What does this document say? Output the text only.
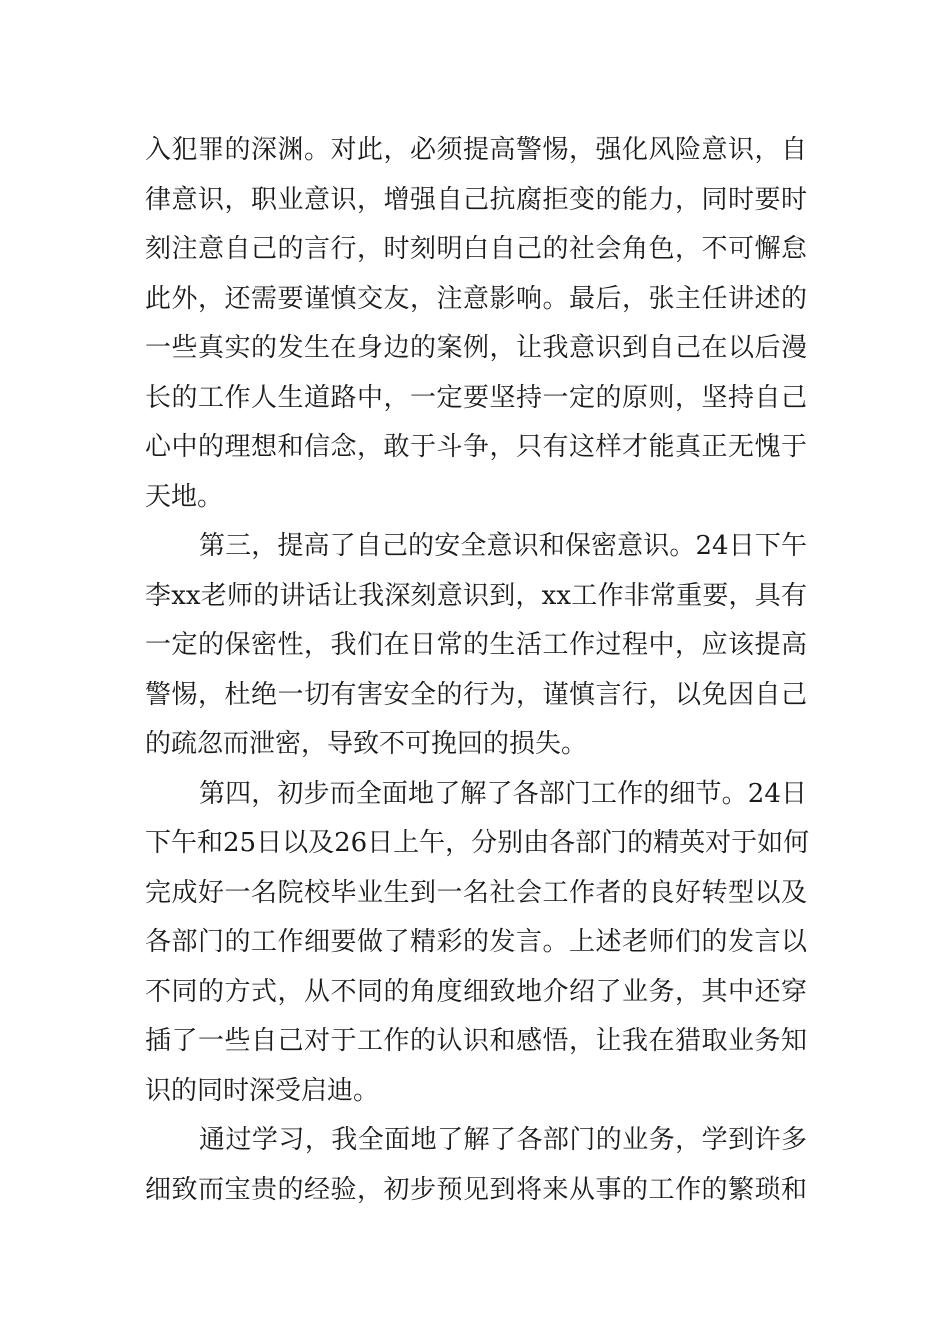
入犯罪的深渊。对此，必须提高警惕，强化风险意识，自
律意识，职业意识，增强自己抗腐拒变的能力，同时要时
刻注意自己的言行，时刻明白自己的社会角色，不可懈怠
此外，还需要谨慎交友，注意影响。最后，张主任讲述的
一些真实的发生在身边的案例，让我意识到自己在以后漫
长的工作人生道路中，一定要坚持一定的原则，坚持自己
心中的理想和信念，敢于斗争，只有这样才能真正无愧于
天地。
第三，提高了自己的安全意识和保密意识。24日下午
李xx老师的讲话让我深刻意识到，xx工作非常重要，具有
一定的保密性，我们在日常的生活工作过程中，应该提高
警惕，杜绝一切有害安全的行为，谨慎言行，以免因自己
的疏忽而泄密，导致不可挽回的损失。
第四，初步而全面地了解了各部门工作的细节。24日
下午和25日以及26日上午，分别由各部门的精英对于如何
完成好一名院校毕业生到一名社会工作者的良好转型以及
各部门的工作细要做了精彩的发言。上述老师们的发言以
不同的方式，从不同的角度细致地介绍了业务，其中还穿
插了一些自己对于工作的认识和感悟，让我在猎取业务知
识的同时深受启迪。
通过学习，我全面地了解了各部门的业务，学到许多
细致而宝贵的经验，初步预见到将来从事的工作的繁琐和
